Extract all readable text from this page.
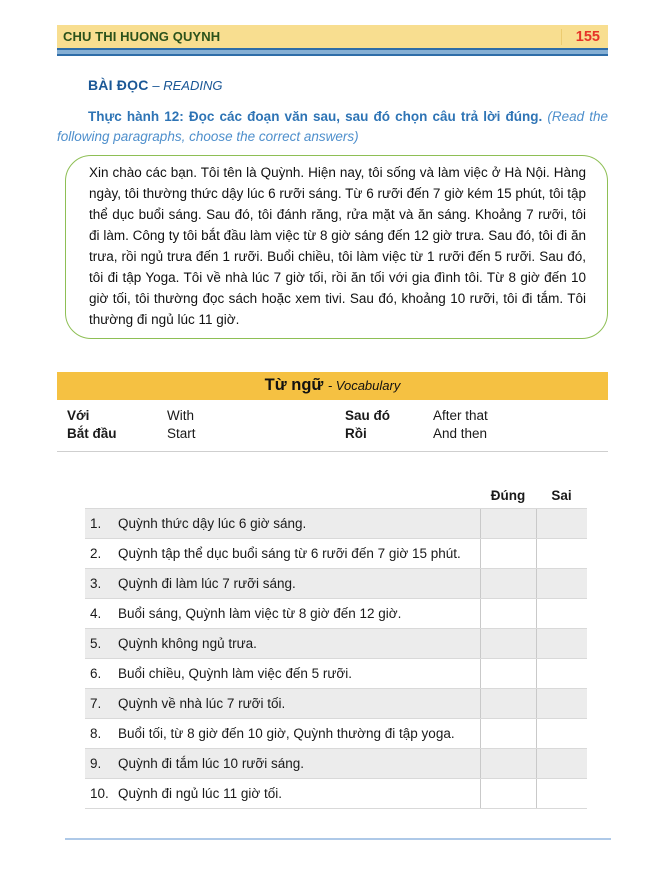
CHU THI HUONG QUYNH	155
BÀI ĐỌC – READING

Thực hành 12: Đọc các đoạn văn sau, sau đó chọn câu trả lời đúng. (Read the following paragraphs, choose the correct answers)

Xin chào các bạn. Tôi tên là Quỳnh. Hiện nay, tôi sống và làm việc ở Hà Nội. Hàng ngày, tôi thường thức dậy lúc 6 rưỡi sáng. Từ 6 rưỡi đến 7 giờ kém 15 phút, tôi tập thể dục buổi sáng. Sau đó, tôi đánh răng, rửa mặt và ăn sáng. Khoảng 7 rưỡi, tôi đi làm. Công ty tôi bắt đầu làm việc từ 8 giờ sáng đến 12 giờ trưa. Sau đó, tôi đi ăn trưa, rồi ngủ trưa đến 1 rưỡi. Buổi chiều, tôi làm việc từ 1 rưỡi đến 5 rưỡi. Sau đó, tôi đi tập Yoga. Tôi về nhà lúc 7 giờ tối, rồi ăn tối với gia đình tôi. Từ 8 giờ đến 10 giờ tối, tôi thường đọc sách hoặc xem tivi. Sau đó, khoảng 10 rưỡi, tôi đi tắm. Tôi thường đi ngủ lúc 11 giờ.
Từ ngữ - Vocabulary
Với	With	Sau đó	After that
Bắt đầu	Start	Rồi	And then
Đúng	Sai
1.	Quỳnh thức dậy lúc 6 giờ sáng.
2.	Quỳnh tập thể dục buổi sáng từ 6 rưỡi đến 7 giờ 15 phút.
3.	Quỳnh đi làm lúc 7 rưỡi sáng.
4.	Buổi sáng, Quỳnh làm việc từ 8 giờ đến 12 giờ.
5.	Quỳnh không ngủ trưa.
6.	Buổi chiều, Quỳnh làm việc đến 5 rưỡi.
7.	Quỳnh về nhà lúc 7 rưỡi tối.
8.	Buổi tối, từ 8 giờ đến 10 giờ, Quỳnh thường đi tập yoga.
9.	Quỳnh đi tắm lúc 10 rưỡi sáng.
10. Quỳnh đi ngủ lúc 11 giờ tối.
